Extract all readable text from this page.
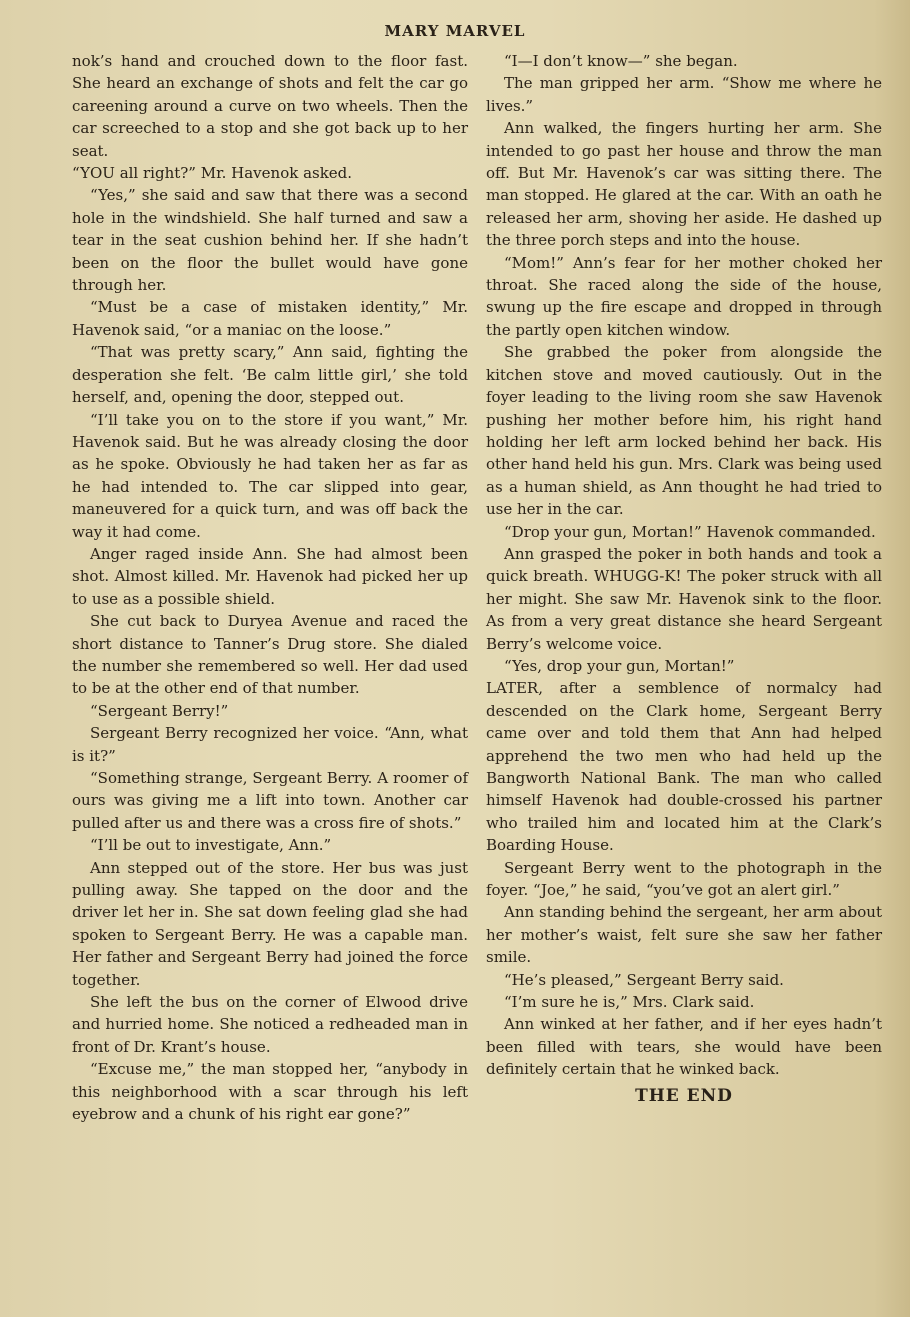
MARY MARVEL

nok’s hand and crouched down to the floor fast. She heard an exchange of shots and felt the car go careening around a curve on two wheels. Then the car screeched to a stop and she got back up to her seat.

“YOU all right?” Mr. Havenok asked.

“Yes,” she said and saw that there was a second hole in the windshield. She half turned and saw a tear in the seat cushion behind her. If she hadn’t been on the floor the bullet would have gone through her.

“Must be a case of mistaken identity,” Mr. Havenok said, “or a maniac on the loose.”

“That was pretty scary,” Ann said, fighting the desperation she felt. ‘Be calm little girl,’ she told herself, and, opening the door, stepped out.

“I’ll take you on to the store if you want,” Mr. Havenok said. But he was already closing the door as he spoke. Obviously he had taken her as far as he had intended to. The car slipped into gear, maneuvered for a quick turn, and was off back the way it had come.

Anger raged inside Ann. She had almost been shot. Almost killed. Mr. Havenok had picked her up to use as a possible shield.

She cut back to Duryea Avenue and raced the short distance to Tanner’s Drug store. She dialed the number she remembered so well. Her dad used to be at the other end of that number.

“Sergeant Berry!”

Sergeant Berry recognized her voice. “Ann, what is it?”

“Something strange, Sergeant Berry. A roomer of ours was giving me a lift into town. Another car pulled after us and there was a cross fire of shots.”

“I’ll be out to investigate, Ann.”

Ann stepped out of the store. Her bus was just pulling away. She tapped on the door and the driver let her in. She sat down feeling glad she had spoken to Sergeant Berry. He was a capable man. Her father and Sergeant Berry had joined the force together.

She left the bus on the corner of Elwood drive and hurried home. She noticed a redheaded man in front of Dr. Krant’s house.

“Excuse me,” the man stopped her, “anybody in this neighborhood with a scar through his left eyebrow and a chunk of his right ear gone?”

“I—I don’t know—” she began.

The man gripped her arm. “Show me where he lives.”

Ann walked, the fingers hurting her arm. She intended to go past her house and throw the man off. But Mr. Havenok’s car was sitting there. The man stopped. He glared at the car. With an oath he released her arm, shoving her aside. He dashed up the three porch steps and into the house.

“Mom!” Ann’s fear for her mother choked her throat. She raced along the side of the house, swung up the fire escape and dropped in through the partly open kitchen window.

She grabbed the poker from alongside the kitchen stove and moved cautiously. Out in the foyer leading to the living room she saw Havenok pushing her mother before him, his right hand holding her left arm locked behind her back. His other hand held his gun. Mrs. Clark was being used as a human shield, as Ann thought he had tried to use her in the car.

“Drop your gun, Mortan!” Havenok commanded.

Ann grasped the poker in both hands and took a quick breath. WHUGG-K! The poker struck with all her might. She saw Mr. Havenok sink to the floor. As from a very great distance she heard Sergeant Berry’s welcome voice.

“Yes, drop your gun, Mortan!”

LATER, after a semblence of normalcy had descended on the Clark home, Sergeant Berry came over and told them that Ann had helped apprehend the two men who had held up the Bangworth National Bank. The man who called himself Havenok had double-crossed his partner who trailed him and located him at the Clark’s Boarding House.

Sergeant Berry went to the photograph in the foyer. “Joe,” he said, “you’ve got an alert girl.”

Ann standing behind the sergeant, her arm about her mother’s waist, felt sure she saw her father smile.

“He’s pleased,” Sergeant Berry said.

“I’m sure he is,” Mrs. Clark said.

Ann winked at her father, and if her eyes hadn’t been filled with tears, she would have been definitely certain that he winked back.

THE END
